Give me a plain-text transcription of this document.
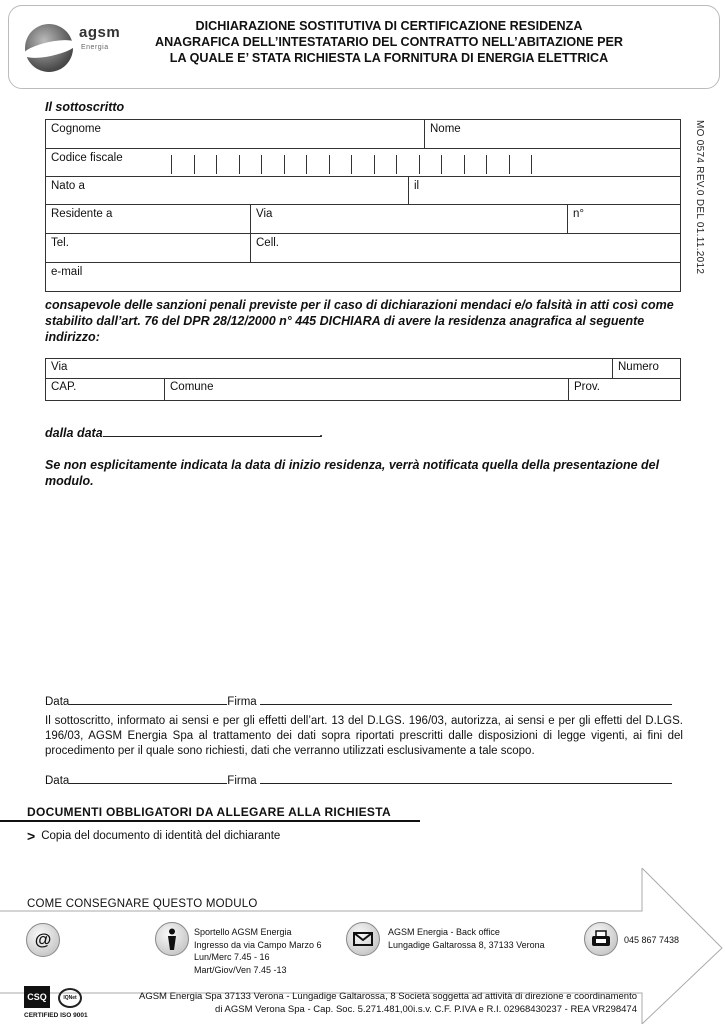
agsm
Energia
DICHIARAZIONE SOSTITUTIVA DI CERTIFICAZIONE RESIDENZA
ANAGRAFICA DELL’INTESTATARIO DEL CONTRATTO NELL’ABITAZIONE PER
LA QUALE E’ STATA RICHIESTA LA FORNITURA DI ENERGIA ELETTRICA
MO 0574 REV.0 DEL 01.11.2012
Il sottoscritto
Cognome	Nome
Codice fiscale
Nato a	il
Residente a	Via	n°
Tel.	Cell.
e-mail
consapevole delle sanzioni penali previste per il caso di dichiarazioni mendaci e/o falsità in atti così come stabilito dall’art. 76 del DPR 28/12/2000 n° 445 DICHIARA di avere la residenza anagrafica al seguente indirizzo:
Via	Numero
CAP.	Comune	Prov.
dalla data	.
Se non esplicitamente indicata la data di inizio residenza, verrà notificata quella della presentazione del modulo.
Data	Firma
Il sottoscritto, informato ai sensi e per gli effetti dell’art. 13 del D.LGS. 196/03, autorizza, ai sensi e per gli effetti del D.LGS. 196/03, AGSM Energia Spa al trattamento dei dati sopra riportati prescritti dalle disposizioni di legge vigenti, ai fini del procedimento per il quale sono richiesti, dati che verranno utilizzati esclusivamente a tale scopo.
Data	Firma
DOCUMENTI OBBLIGATORI DA ALLEGARE ALLA RICHIESTA
> Copia del documento di identità del dichiarante
COME CONSEGNARE QUESTO MODULO
@	Sportello AGSM Energia
Ingresso da via Campo Marzo 6
Lun/Merc 7.45 - 16
Mart/Giov/Ven 7.45 -13
AGSM Energia - Back office
Lungadige Galtarossa 8, 37133 Verona	045 867 7438
CSQ	IQNet
CERTIFIED ISO 9001
AGSM Energia Spa 37133 Verona - Lungadige Galtarossa, 8 Società soggetta ad attività di direzione e coordinamento
di AGSM Verona Spa - Cap. Soc. 5.271.481,00i.s.v. C.F. P.IVA e R.I. 02968430237 - REA VR298474
